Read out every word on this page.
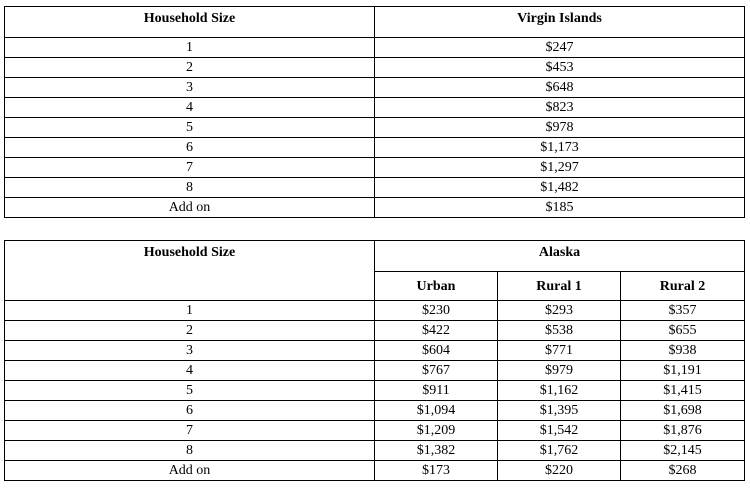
Household Size	Virgin Islands
1	$247
2	$453
3	$648
4	$823
5	$978
6	$1,173
7	$1,297
8	$1,482
Add on	$185
Household Size	Alaska		
	Urban	Rural 1	Rural 2
1	$230	$293	$357
2	$422	$538	$655
3	$604	$771	$938
4	$767	$979	$1,191
5	$911	$1,162	$1,415
6	$1,094	$1,395	$1,698
7	$1,209	$1,542	$1,876
8	$1,382	$1,762	$2,145
Add on	$173	$220	$268
